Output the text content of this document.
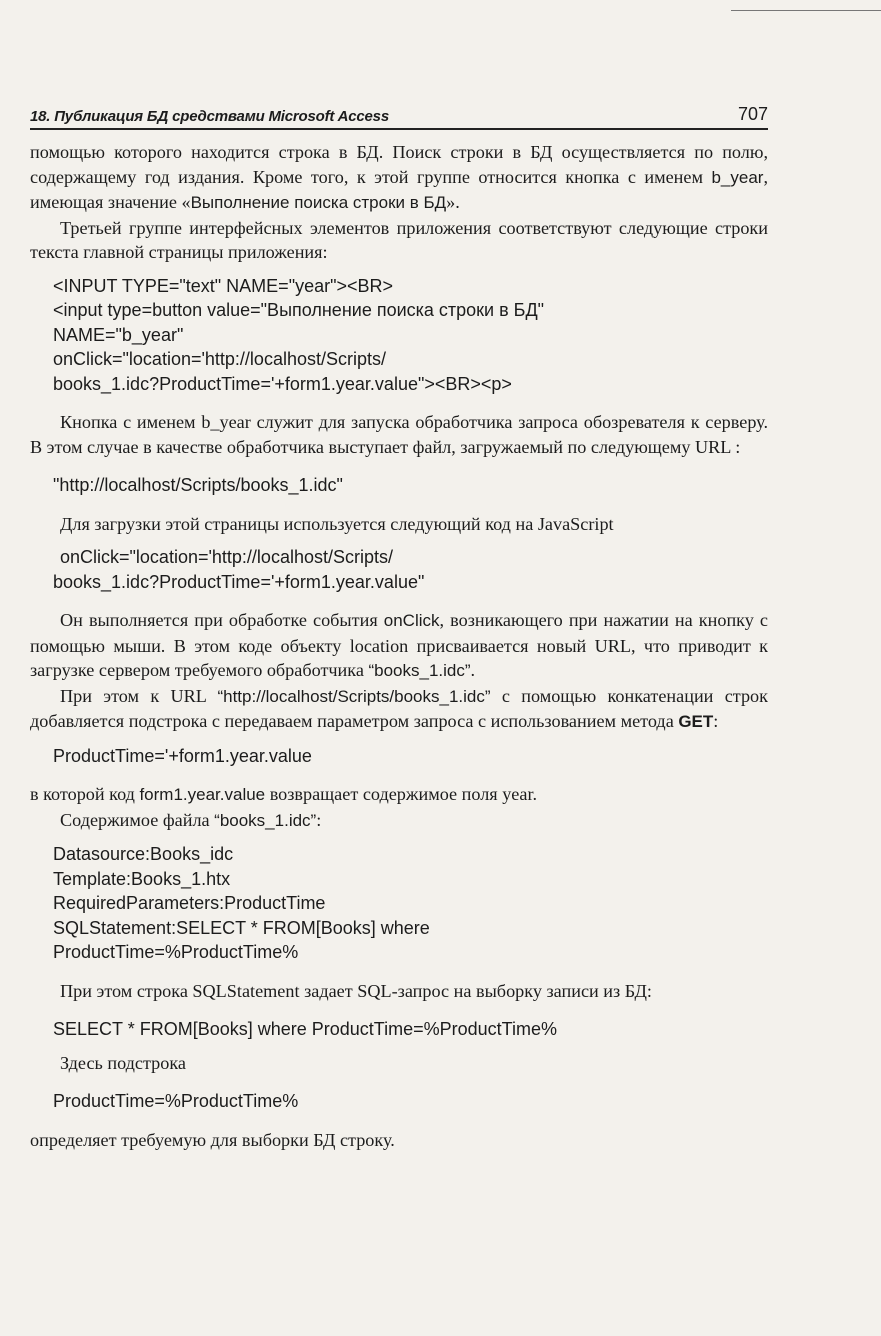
18. Публикация БД средствами Microsoft Access	707

помощью которого находится строка в БД. Поиск строки в БД осуществляется по полю, содержащему год издания. Кроме того, к этой группе относится кнопка с именем b_year, имеющая значение «Выполнение поиска строки в БД».

Третьей группе интерфейсных элементов приложения соответствуют следующие строки текста главной страницы приложения:

<INPUT TYPE="text" NAME="year"><BR>

<input type=button value="Выполнение поиска строки в БД"

NAME="b_year"

onClick="location='http://localhost/Scripts/

books_1.idc?ProductTime='+form1.year.value"><BR><p>

Кнопка с именем b_year служит для запуска обработчика запроса обозревателя к серверу. В этом случае в качестве обработчика выступает файл, загружаемый по следующему URL :

"http://localhost/Scripts/books_1.idc"

Для загрузки этой страницы используется следующий код на JavaScript

onClick="location='http://localhost/Scripts/

books_1.idc?ProductTime='+form1.year.value"

Он выполняется при обработке события onClick, возникающего при нажатии на кнопку с помощью мыши. В этом коде объекту location присваивается новый URL, что приводит к загрузке сервером требуемого обработчика “books_1.idc”.

При этом к URL “http://localhost/Scripts/books_1.idc” с помощью конкатенации строк добавляется подстрока с передаваем параметром запроса с использованием метода GET:

ProductTime='+form1.year.value

в которой код form1.year.value возвращает содержимое поля year.

Содержимое файла “books_1.idc”:

Datasource:Books_idc

Template:Books_1.htx

RequiredParameters:ProductTime

SQLStatement:SELECT * FROM[Books] where

ProductTime=%ProductTime%

При этом строка SQLStatement задает SQL-запрос на выборку записи из БД:

SELECT * FROM[Books] where ProductTime=%ProductTime%

Здесь подстрока

ProductTime=%ProductTime%

определяет требуемую для выборки БД строку.
